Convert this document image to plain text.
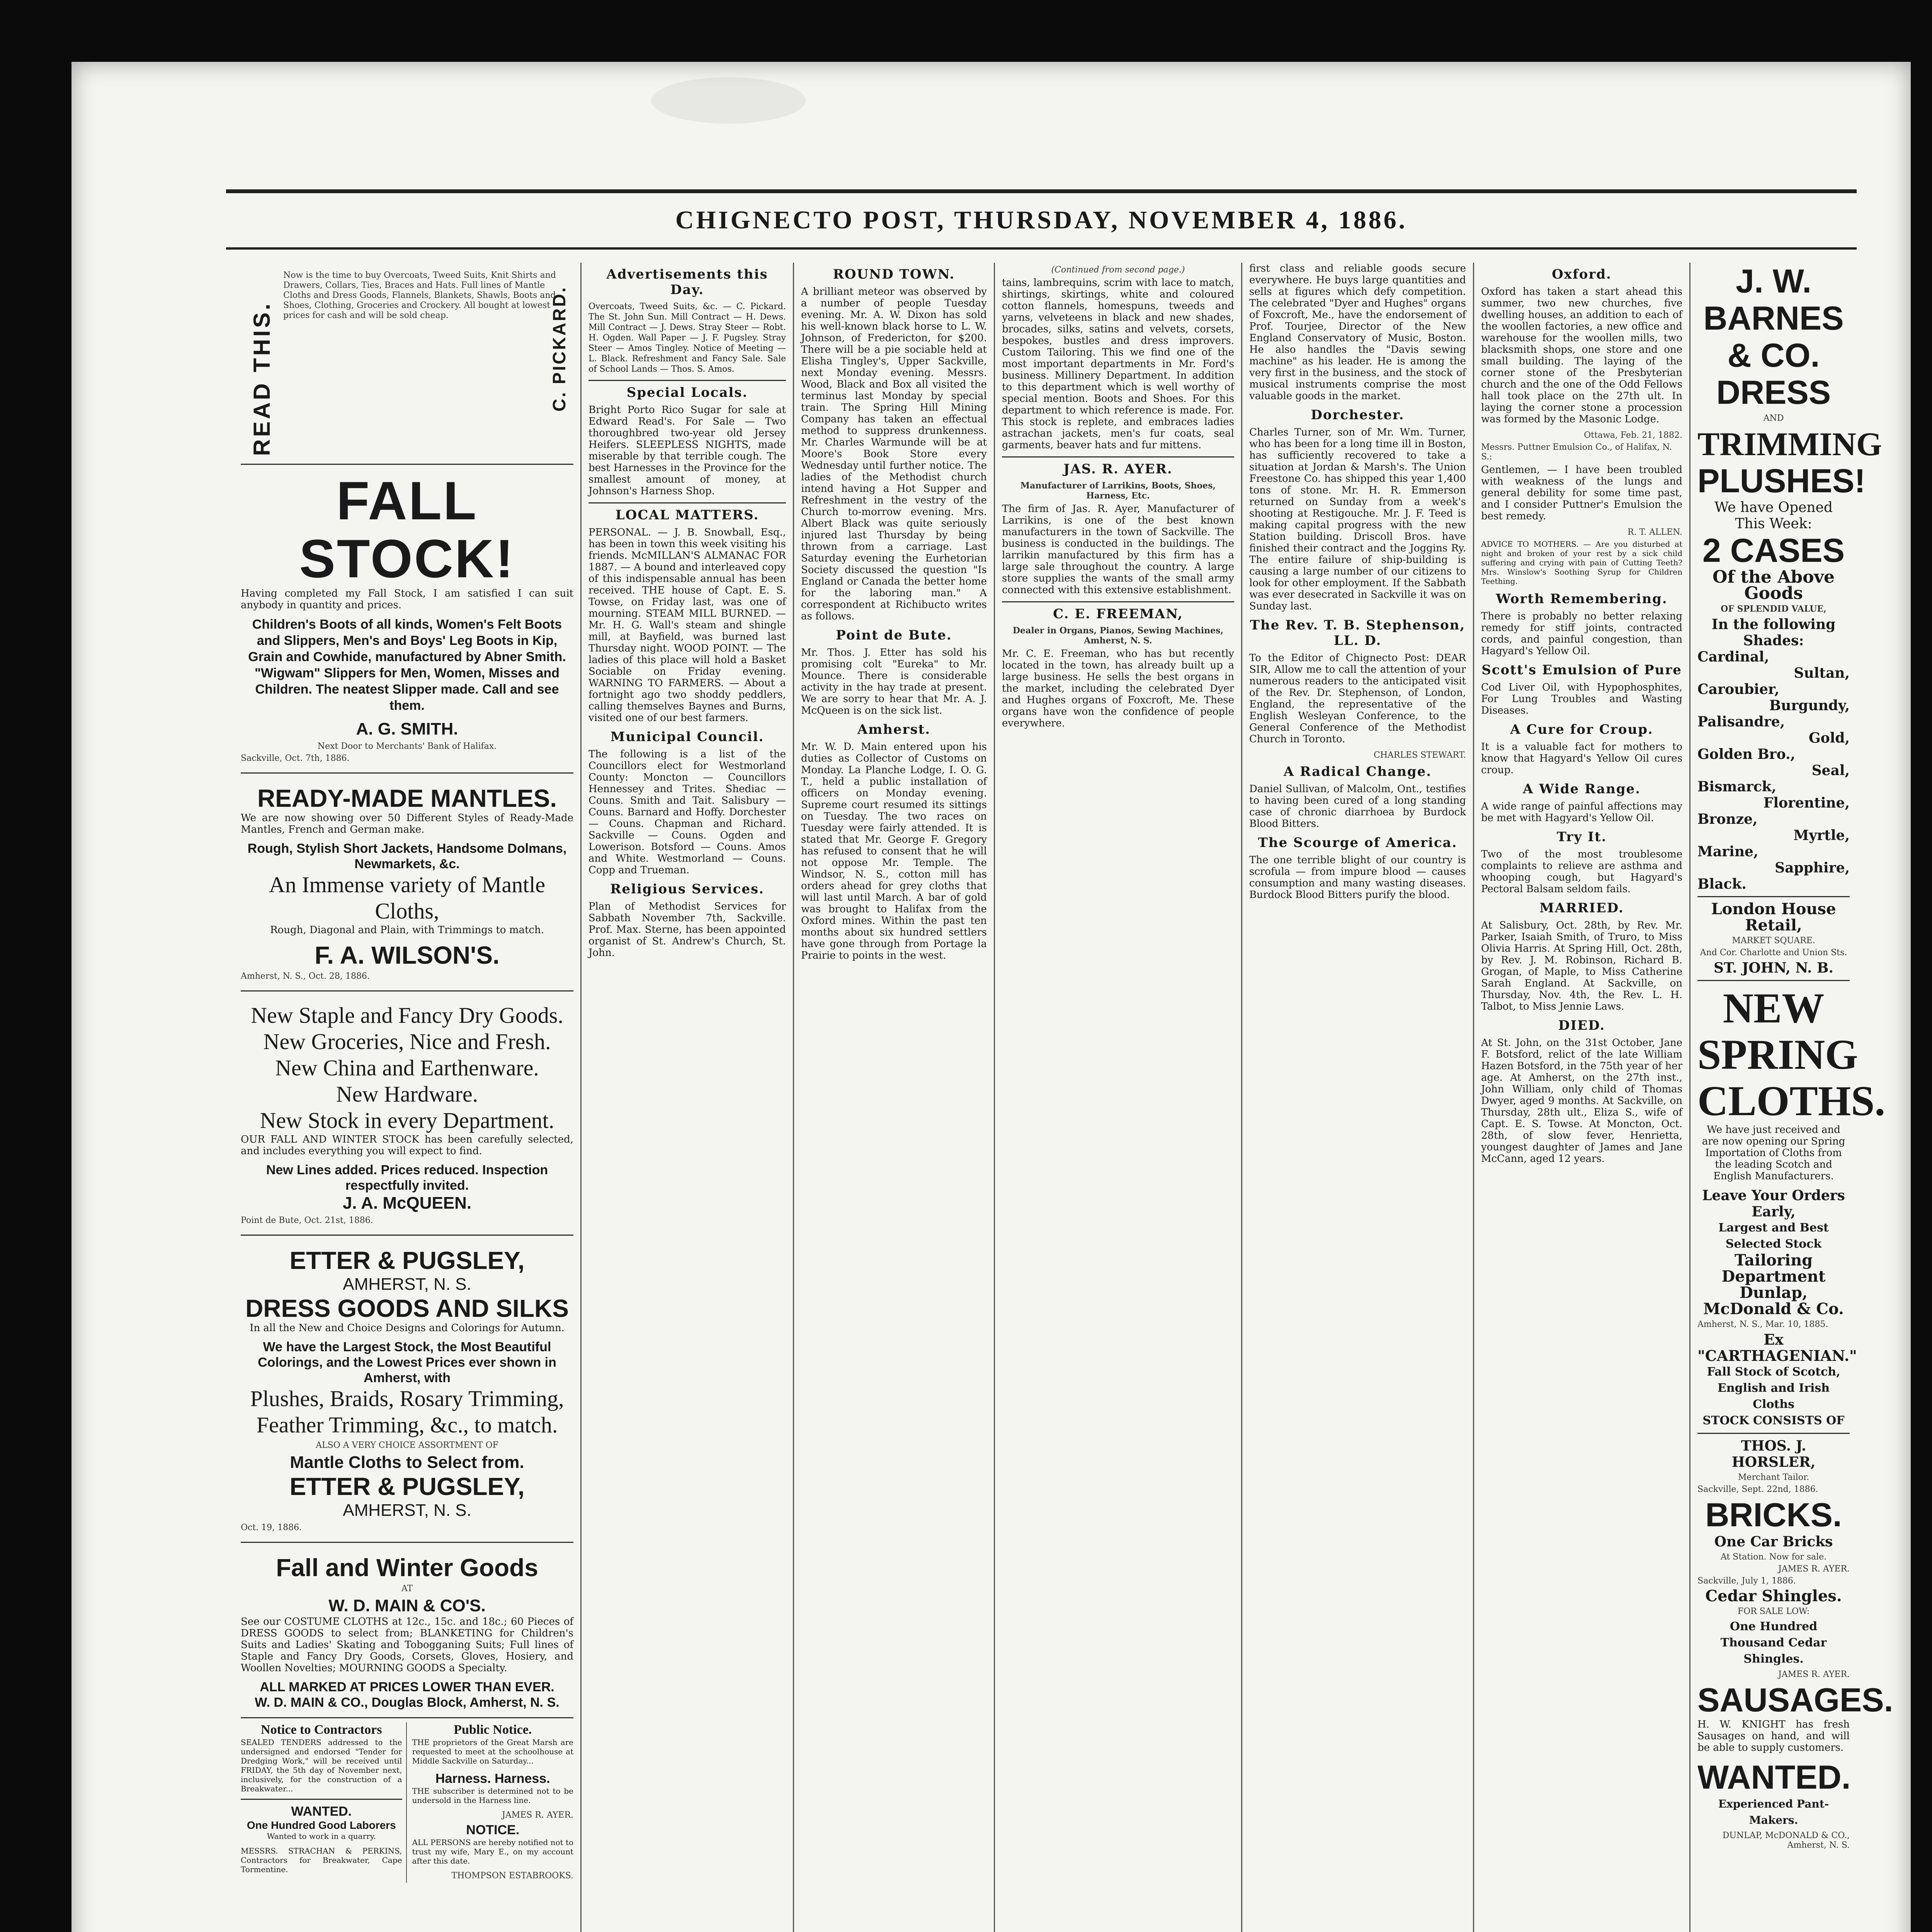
CHIGNECTO POST, THURSDAY, NOVEMBER 4, 1886.
READ THIS.
Now is the time to buy Overcoats, Tweed Suits, Knit Shirts and Drawers, Collars, Ties, Braces and Hats. Full lines of Mantle Cloths and Dress Goods, Flannels, Blankets, Shawls, Boots and Shoes, Clothing, Groceries and Crockery. All bought at lowest prices for cash and will be sold cheap.	C. PICKARD.
FALL STOCK!

Having completed my Fall Stock, I am satisfied I can suit anybody in quantity and prices.

Children's Boots of all kinds, Women's Felt Boots and Slippers, Men's and Boys' Leg Boots in Kip, Grain and Cowhide, manufactured by Abner Smith. "Wigwam" Slippers for Men, Women, Misses and Children. The neatest Slipper made. Call and see them.

A. G. SMITH.
Next Door to Merchants' Bank of Halifax.
Sackville, Oct. 7th, 1886.
READY-MADE MANTLES.

We are now showing over 50 Different Styles of Ready-Made Mantles, French and German make.

Rough, Stylish Short Jackets, Handsome Dolmans, Newmarkets, &c.
An Immense variety of Mantle Cloths,

Rough, Diagonal and Plain, with Trimmings to match.

F. A. WILSON'S.
Amherst, N. S., Oct. 28, 1886.
New Staple and Fancy Dry Goods.
New Groceries, Nice and Fresh.
New China and Earthenware.
New Hardware.
New Stock in every Department.

OUR FALL AND WINTER STOCK has been carefully selected, and includes everything you will expect to find.

New Lines added. Prices reduced. Inspection respectfully invited.
J. A. McQUEEN.
Point de Bute, Oct. 21st, 1886.
ETTER & PUGSLEY,
AMHERST, N. S.
DRESS GOODS AND SILKS

In all the New and Choice Designs and Colorings for Autumn.

We have the Largest Stock, the Most Beautiful Colorings, and the Lowest Prices ever shown in Amherst, with
Plushes, Braids, Rosary Trimming, Feather Trimming, &c., to match.
ALSO A VERY CHOICE ASSORTMENT OF
Mantle Cloths to Select from.
ETTER & PUGSLEY,
AMHERST, N. S.
Oct. 19, 1886.
Fall and Winter Goods
AT
W. D. MAIN & CO'S.

See our COSTUME CLOTHS at 12c., 15c. and 18c.; 60 Pieces of DRESS GOODS to select from; BLANKETING for Children's Suits and Ladies' Skating and Tobogganing Suits; Full lines of Staple and Fancy Dry Goods, Corsets, Gloves, Hosiery, and Woollen Novelties; MOURNING GOODS a Specialty.

ALL MARKED AT PRICES LOWER THAN EVER.
W. D. MAIN & CO., Douglas Block, Amherst, N. S.
Notice to Contractors

SEALED TENDERS addressed to the undersigned and endorsed "Tender for Dredging Work," will be received until FRIDAY, the 5th day of November next, inclusively, for the construction of a Breakwater...

WANTED.
One Hundred Good Laborers

Wanted to work in a quarry.

MESSRS. STRACHAN & PERKINS, Contractors for Breakwater, Cape Tormentine.

Public Notice.

THE proprietors of the Great Marsh are requested to meet at the schoolhouse at Middle Sackville on Saturday...

Harness. Harness.

THE subscriber is determined not to be undersold in the Harness line.

JAMES R. AYER.
NOTICE.

ALL PERSONS are hereby notified not to trust my wife, Mary E., on my account after this date.

THOMPSON ESTABROOKS.
Advertisements this Day.

Overcoats, Tweed Suits, &c. — C. Pickard. The St. John Sun. Mill Contract — H. Dews. Mill Contract — J. Dews. Stray Steer — Robt. H. Ogden. Wall Paper — J. F. Pugsley. Stray Steer — Amos Tingley. Notice of Meeting — L. Black. Refreshment and Fancy Sale. Sale of School Lands — Thos. S. Amos.

Special Locals.

Bright Porto Rico Sugar for sale at Edward Read's. For Sale — Two thoroughbred two-year old Jersey Heifers. SLEEPLESS NIGHTS, made miserable by that terrible cough. The best Harnesses in the Province for the smallest amount of money, at Johnson's Harness Shop.

LOCAL MATTERS.

PERSONAL. — J. B. Snowball, Esq., has been in town this week visiting his friends. McMILLAN'S ALMANAC FOR 1887. — A bound and interleaved copy of this indispensable annual has been received. THE house of Capt. E. S. Towse, on Friday last, was one of mourning. STEAM MILL BURNED. — Mr. H. G. Wall's steam and shingle mill, at Bayfield, was burned last Thursday night. WOOD POINT. — The ladies of this place will hold a Basket Sociable on Friday evening. WARNING TO FARMERS. — About a fortnight ago two shoddy peddlers, calling themselves Baynes and Burns, visited one of our best farmers.

Municipal Council.

The following is a list of the Councillors elect for Westmorland County: Moncton — Councillors Hennessey and Trites. Shediac — Couns. Smith and Tait. Salisbury — Couns. Barnard and Hoffy. Dorchester — Couns. Chapman and Richard. Sackville — Couns. Ogden and Lowerison. Botsford — Couns. Amos and White. Westmorland — Couns. Copp and Trueman.

Religious Services.

Plan of Methodist Services for Sabbath November 7th, Sackville. Prof. Max. Sterne, has been appointed organist of St. Andrew's Church, St. John.

ROUND TOWN.

A brilliant meteor was observed by a number of people Tuesday evening. Mr. A. W. Dixon has sold his well-known black horse to L. W. Johnson, of Fredericton, for $200. There will be a pie sociable held at Elisha Tingley's, Upper Sackville, next Monday evening. Messrs. Wood, Black and Box all visited the terminus last Monday by special train. The Spring Hill Mining Company has taken an effectual method to suppress drunkenness. Mr. Charles Warmunde will be at Moore's Book Store every Wednesday until further notice. The ladies of the Methodist church intend having a Hot Supper and Refreshment in the vestry of the Church to-morrow evening. Mrs. Albert Black was quite seriously injured last Thursday by being thrown from a carriage. Last Saturday evening the Eurhetorian Society discussed the question "Is England or Canada the better home for the laboring man." A correspondent at Richibucto writes as follows.

Point de Bute.

Mr. Thos. J. Etter has sold his promising colt "Eureka" to Mr. Mounce. There is considerable activity in the hay trade at present. We are sorry to hear that Mr. A. J. McQueen is on the sick list.

Amherst.

Mr. W. D. Main entered upon his duties as Collector of Customs on Monday. La Planche Lodge, I. O. G. T., held a public installation of officers on Monday evening. Supreme court resumed its sittings on Tuesday. The two races on Tuesday were fairly attended. It is stated that Mr. George F. Gregory has refused to consent that he will not oppose Mr. Temple. The Windsor, N. S., cotton mill has orders ahead for grey cloths that will last until March. A bar of gold was brought to Halifax from the Oxford mines. Within the past ten months about six hundred settlers have gone through from Portage la Prairie to points in the west.

(Continued from second page.)

tains, lambrequins, scrim with lace to match, shirtings, skirtings, white and coloured cotton flannels, homespuns, tweeds and yarns, velveteens in black and new shades, brocades, silks, satins and velvets, corsets, bespokes, bustles and dress improvers. Custom Tailoring. This we find one of the most important departments in Mr. Ford's business. Millinery Department. In addition to this department which is well worthy of special mention. Boots and Shoes. For this department to which reference is made. For. This stock is replete, and embraces ladies astrachan jackets, men's fur coats, seal garments, beaver hats and fur mittens.

JAS. R. AYER.
Manufacturer of Larrikins, Boots, Shoes, Harness, Etc.

The firm of Jas. R. Ayer, Manufacturer of Larrikins, is one of the best known manufacturers in the town of Sackville. The business is conducted in the buildings. The larrikin manufactured by this firm has a large sale throughout the country. A large store supplies the wants of the small army connected with this extensive establishment.

C. E. FREEMAN,
Dealer in Organs, Pianos, Sewing Machines, Amherst, N. S.

Mr. C. E. Freeman, who has but recently located in the town, has already built up a large business. He sells the best organs in the market, including the celebrated Dyer and Hughes organs of Foxcroft, Me. These organs have won the confidence of people everywhere.

first class and reliable goods secure everywhere. He buys large quantities and sells at figures which defy competition. The celebrated "Dyer and Hughes" organs of Foxcroft, Me., have the endorsement of Prof. Tourjee, Director of the New England Conservatory of Music, Boston. He also handles the "Davis sewing machine" as his leader. He is among the very first in the business, and the stock of musical instruments comprise the most valuable goods in the market.

Dorchester.

Charles Turner, son of Mr. Wm. Turner, who has been for a long time ill in Boston, has sufficiently recovered to take a situation at Jordan & Marsh's. The Union Freestone Co. has shipped this year 1,400 tons of stone. Mr. H. R. Emmerson returned on Sunday from a week's shooting at Restigouche. Mr. J. F. Teed is making capital progress with the new Station building. Driscoll Bros. have finished their contract and the Joggins Ry. The entire failure of ship-building is causing a large number of our citizens to look for other employment. If the Sabbath was ever desecrated in Sackville it was on Sunday last.

The Rev. T. B. Stephenson, LL. D.

To the Editor of Chignecto Post: DEAR SIR, Allow me to call the attention of your numerous readers to the anticipated visit of the Rev. Dr. Stephenson, of London, England, the representative of the English Wesleyan Conference, to the General Conference of the Methodist Church in Toronto.

CHARLES STEWART.
A Radical Change.

Daniel Sullivan, of Malcolm, Ont., testifies to having been cured of a long standing case of chronic diarrhoea by Burdock Blood Bitters.

The Scourge of America.

The one terrible blight of our country is scrofula — from impure blood — causes consumption and many wasting diseases. Burdock Blood Bitters purify the blood.

Oxford.

Oxford has taken a start ahead this summer, two new churches, five dwelling houses, an addition to each of the woollen factories, a new office and warehouse for the woollen mills, two blacksmith shops, one store and one small building. The laying of the corner stone of the Presbyterian church and the one of the Odd Fellows hall took place on the 27th ult. In laying the corner stone a procession was formed by the Masonic Lodge.

Ottawa, Feb. 21, 1882.
Messrs. Puttner Emulsion Co., of Halifax, N. S.:

Gentlemen, — I have been troubled with weakness of the lungs and general debility for some time past, and I consider Puttner's Emulsion the best remedy.

R. T. ALLEN.

ADVICE TO MOTHERS. — Are you disturbed at night and broken of your rest by a sick child suffering and crying with pain of Cutting Teeth? Mrs. Winslow's Soothing Syrup for Children Teething.

Worth Remembering.

There is probably no better relaxing remedy for stiff joints, contracted cords, and painful congestion, than Hagyard's Yellow Oil.

Scott's Emulsion of Pure

Cod Liver Oil, with Hypophosphites, For Lung Troubles and Wasting Diseases.

A Cure for Croup.

It is a valuable fact for mothers to know that Hagyard's Yellow Oil cures croup.

A Wide Range.

A wide range of painful affections may be met with Hagyard's Yellow Oil.

Try It.

Two of the most troublesome complaints to relieve are asthma and whooping cough, but Hagyard's Pectoral Balsam seldom fails.

MARRIED.

At Salisbury, Oct. 28th, by Rev. Mr. Parker, Isaiah Smith, of Truro, to Miss Olivia Harris. At Spring Hill, Oct. 28th, by Rev. J. M. Robinson, Richard B. Grogan, of Maple, to Miss Catherine Sarah England. At Sackville, on Thursday, Nov. 4th, the Rev. L. H. Talbot, to Miss Jennie Laws.

DIED.

At St. John, on the 31st October, Jane F. Botsford, relict of the late William Hazen Botsford, in the 75th year of her age. At Amherst, on the 27th inst., John William, only child of Thomas Dwyer, aged 9 months. At Sackville, on Thursday, 28th ult., Eliza S., wife of Capt. E. S. Towse. At Moncton, Oct. 28th, of slow fever, Henrietta, youngest daughter of James and Jane McCann, aged 12 years.

J. W. BARNES & CO.
DRESS
AND
TRIMMING
PLUSHES!
We have Opened This Week:
2 CASES
Of the Above Goods
OF SPLENDID VALUE,
In the following Shades:
Cardinal,
Sultan,
Caroubier,
Burgundy,
Palisandre,
Gold,
Golden Bro.,
Seal,
Bismarck,
Florentine,
Bronze,
Myrtle,
Marine,
Sapphire,
Black.
London House Retail,
MARKET SQUARE.
And Cor. Charlotte and Union Sts.
ST. JOHN, N. B.
NEW SPRING CLOTHS.

We have just received and are now opening our Spring Importation of Cloths from the leading Scotch and English Manufacturers.

Leave Your Orders Early,
Largest and Best Selected Stock
Tailoring Department
Dunlap, McDonald & Co.
Amherst, N. S., Mar. 10, 1885.
Ex "CARTHAGENIAN."
Fall Stock of Scotch, English and Irish Cloths
STOCK CONSISTS OF
THOS. J. HORSLER,
Merchant Tailor.
Sackville, Sept. 22nd, 1886.
BRICKS.
One Car Bricks
At Station. Now for sale.
JAMES R. AYER.
Sackville, July 1, 1886.
Cedar Shingles.
FOR SALE LOW:
One Hundred Thousand Cedar Shingles.
JAMES R. AYER.
SAUSAGES.

H. W. KNIGHT has fresh Sausages on hand, and will be able to supply customers.

WANTED.
Experienced Pant-Makers.
DUNLAP, McDONALD & CO., Amherst, N. S.
